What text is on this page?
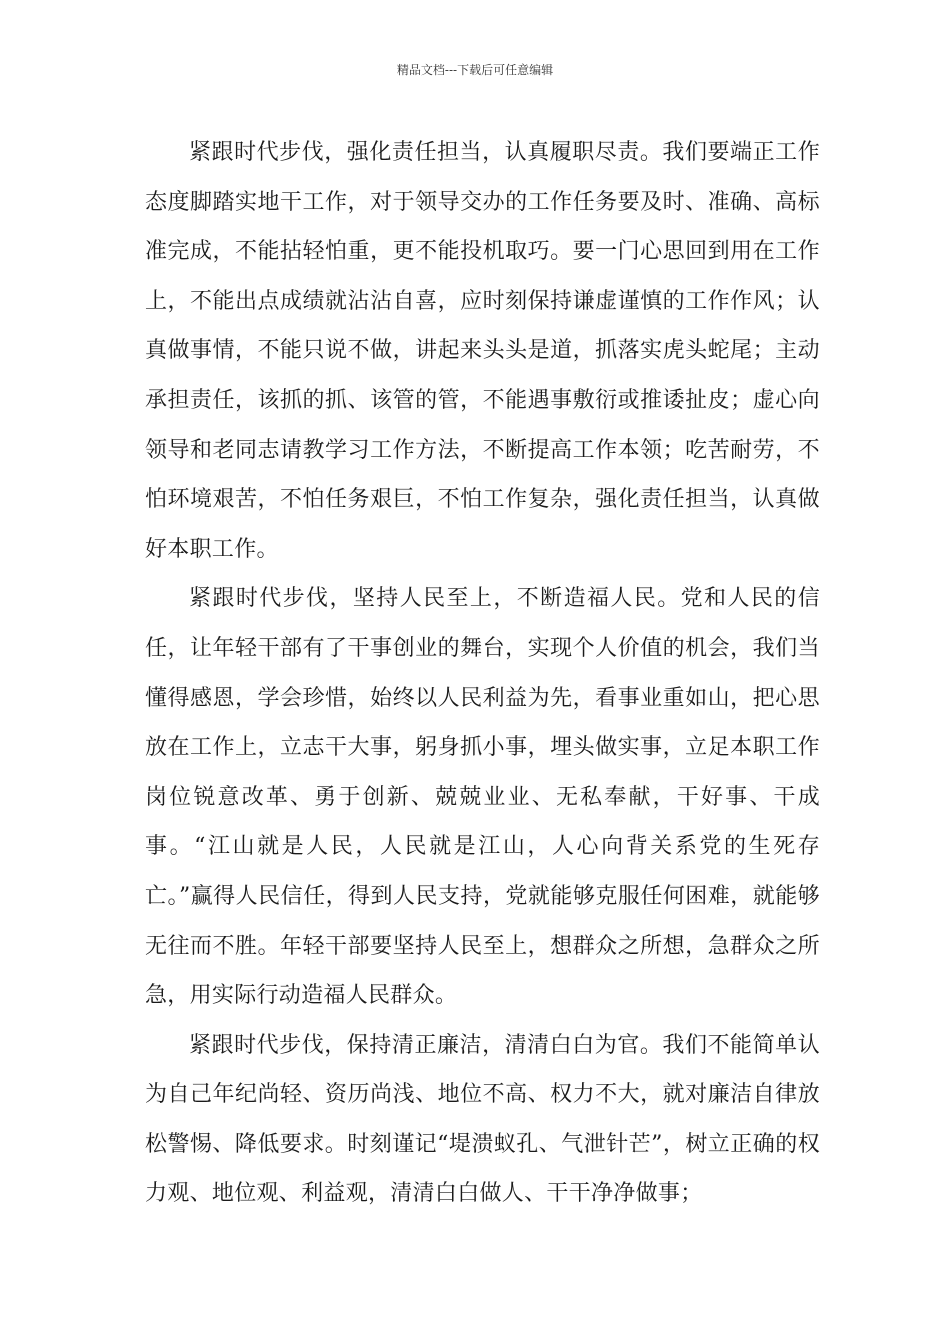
精品文档---下载后可任意编辑

紧跟时代步伐，强化责任担当，认真履职尽责。我们要端正工作态度脚踏实地干工作，对于领导交办的工作任务要及时、准确、高标准完成，不能拈轻怕重，更不能投机取巧。要一门心思回到用在工作上，不能出点成绩就沾沾自喜，应时刻保持谦虚谨慎的工作作风；认真做事情，不能只说不做，讲起来头头是道，抓落实虎头蛇尾；主动承担责任，该抓的抓、该管的管，不能遇事敷衍或推诿扯皮；虚心向领导和老同志请教学习工作方法，不断提高工作本领；吃苦耐劳，不怕环境艰苦，不怕任务艰巨，不怕工作复杂，强化责任担当，认真做好本职工作。

紧跟时代步伐，坚持人民至上，不断造福人民。党和人民的信任，让年轻干部有了干事创业的舞台，实现个人价值的机会，我们当懂得感恩，学会珍惜，始终以人民利益为先，看事业重如山，把心思放在工作上，立志干大事，躬身抓小事，埋头做实事，立足本职工作岗位锐意改革、勇于创新、兢兢业业、无私奉献，干好事、干成事。“江山就是人民，人民就是江山，人心向背关系党的生死存亡。”赢得人民信任，得到人民支持，党就能够克服任何困难，就能够无往而不胜。年轻干部要坚持人民至上，想群众之所想，急群众之所急，用实际行动造福人民群众。

紧跟时代步伐，保持清正廉洁，清清白白为官。我们不能简单认为自己年纪尚轻、资历尚浅、地位不高、权力不大，就对廉洁自律放松警惕、降低要求。时刻谨记“堤溃蚁孔、气泄针芒”，树立正确的权力观、地位观、利益观，清清白白做人、干干净净做事；
